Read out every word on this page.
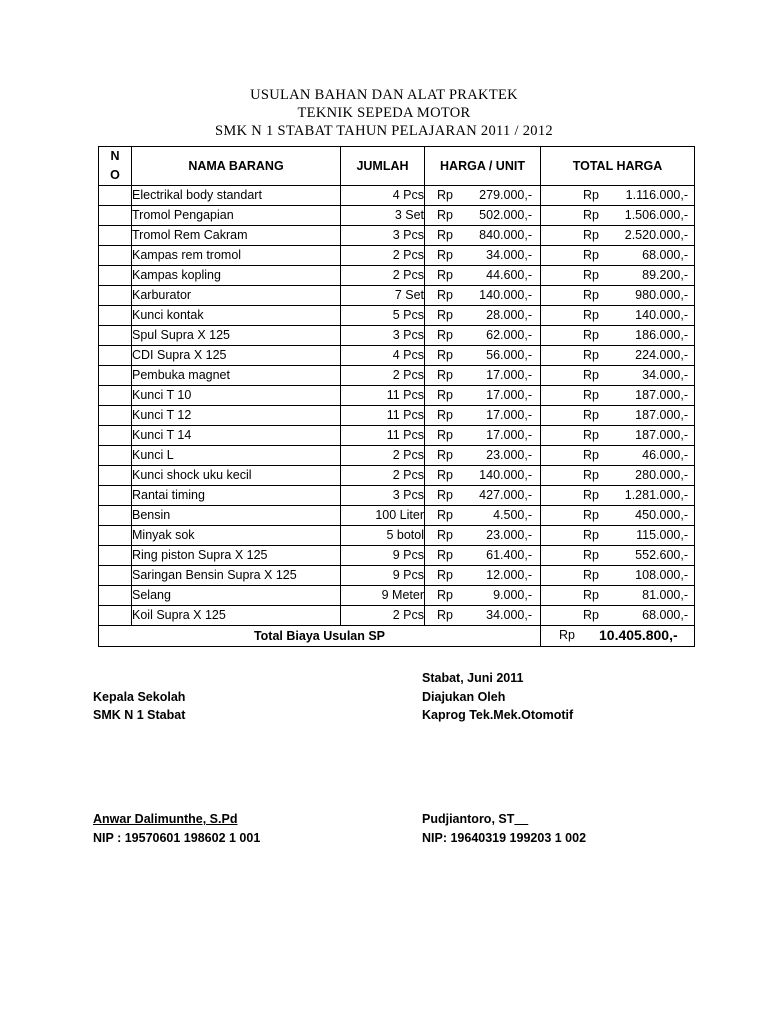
USULAN BAHAN DAN ALAT PRAKTEK
TEKNIK SEPEDA MOTOR
SMK N 1 STABAT TAHUN PELAJARAN 2011 / 2012
N
O	NAMA BARANG	JUMLAH	HARGA / UNIT	TOTAL HARGA
	Electrikal body standart	4 Pcs	Rp 279.000,-	Rp 1.116.000,-

	Tromol Pengapian	3 Set	Rp 502.000,-	Rp 1.506.000,-

	Tromol Rem Cakram	3 Pcs	Rp 840.000,-	Rp 2.520.000,-

	Kampas rem tromol	2 Pcs	Rp 34.000,-	Rp 68.000,-

	Kampas kopling	2 Pcs	Rp 44.600,-	Rp 89.200,-

	Karburator	7 Set	Rp 140.000,-	Rp 980.000,-

	Kunci kontak	5 Pcs	Rp 28.000,-	Rp 140.000,-

	Spul Supra X 125	3 Pcs	Rp 62.000,-	Rp 186.000,-

	CDI Supra X 125	4 Pcs	Rp 56.000,-	Rp 224.000,-

	Pembuka magnet	2 Pcs	Rp 17.000,-	Rp 34.000,-

	Kunci T 10	11 Pcs	Rp 17.000,-	Rp 187.000,-

	Kunci T 12	11 Pcs	Rp 17.000,-	Rp 187.000,-

	Kunci T 14	11 Pcs	Rp 17.000,-	Rp 187.000,-

	Kunci L	2 Pcs	Rp 23.000,-	Rp 46.000,-

	Kunci shock uku kecil	2 Pcs	Rp 140.000,-	Rp 280.000,-

	Rantai timing	3 Pcs	Rp 427.000,-	Rp 1.281.000,-

	Bensin	100 Liter	Rp 4.500,-	Rp 450.000,-

	Minyak sok	5 botol	Rp 23.000,-	Rp 115.000,-

	Ring piston Supra X 125	9 Pcs	Rp 61.400,-	Rp 552.600,-

	Saringan Bensin Supra X 125	9 Pcs	Rp 12.000,-	Rp 108.000,-

	Selang	9 Meter	Rp 9.000,-	Rp 81.000,-

	Koil Supra X 125	2 Pcs	Rp 34.000,-	Rp 68.000,-

Total Biaya Usulan SP				Rp 10.405.800,-
Stabat, Juni 2011
Kepala Sekolah
SMK N 1 Stabat
Diajukan Oleh
Kaprog Tek.Mek.Otomotif
Anwar Dalimunthe, S.Pd
NIP : 19570601 198602 1 001
Pudjiantoro, ST
NIP: 19640319 199203 1 002
